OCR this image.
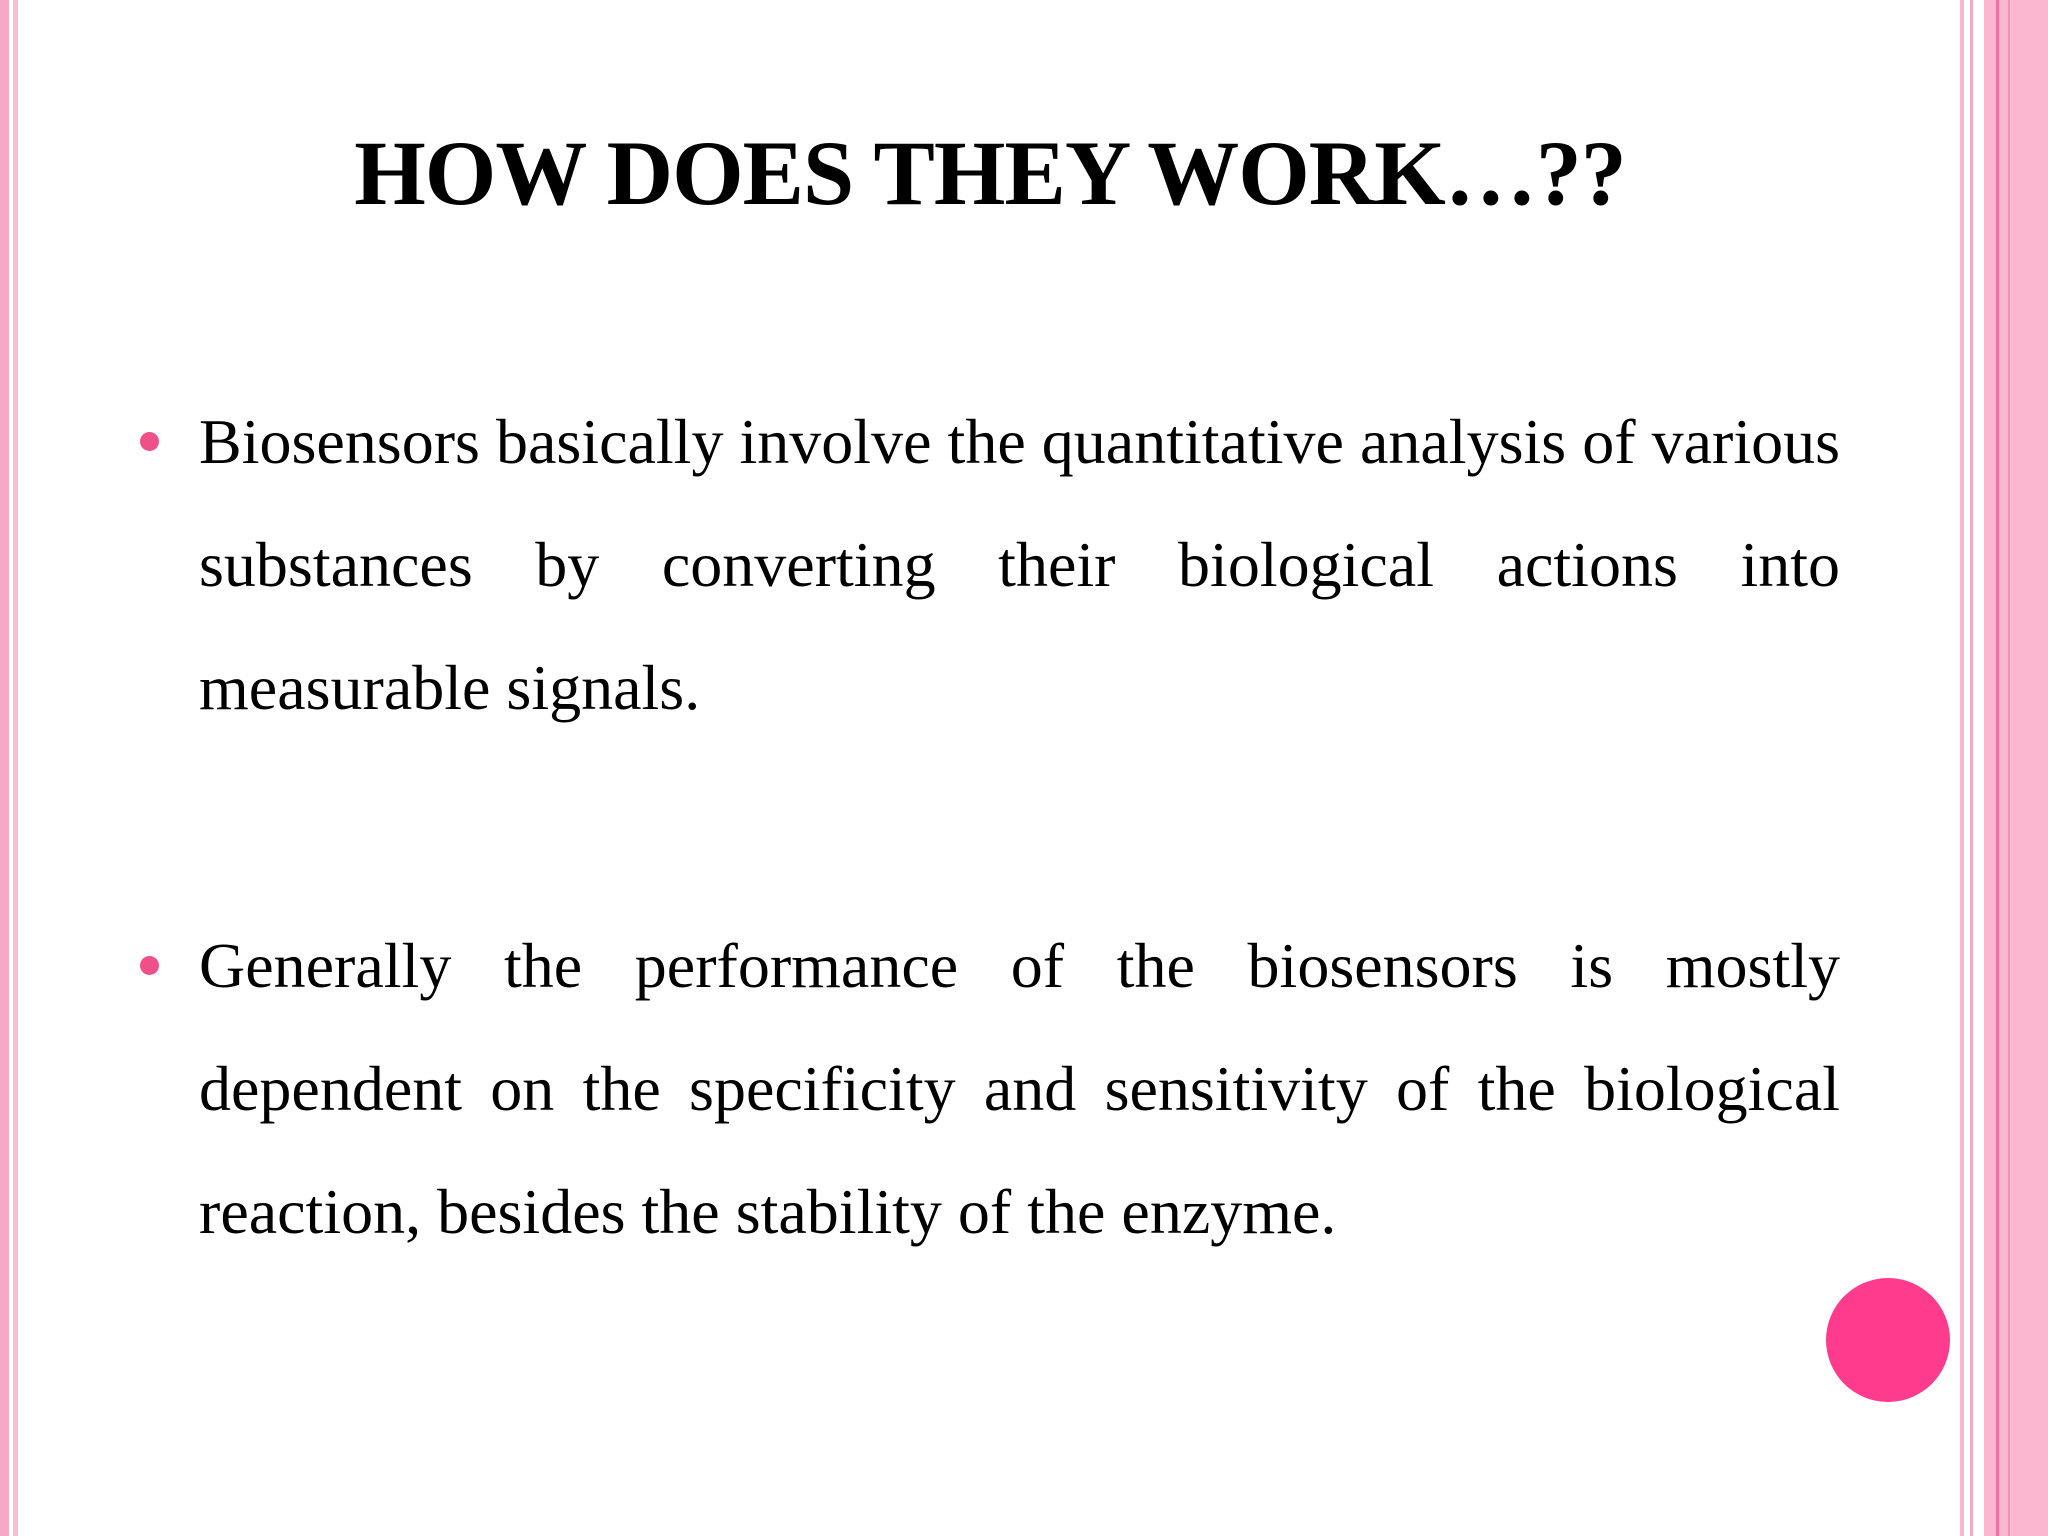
HOW DOES THEY WORK…??
Biosensors basically involve the quantitative analysis of various substances by converting their biological actions into measurable signals.
Generally the performance of the biosensors is mostly dependent on the specificity and sensitivity of the biological reaction, besides the stability of the enzyme.
